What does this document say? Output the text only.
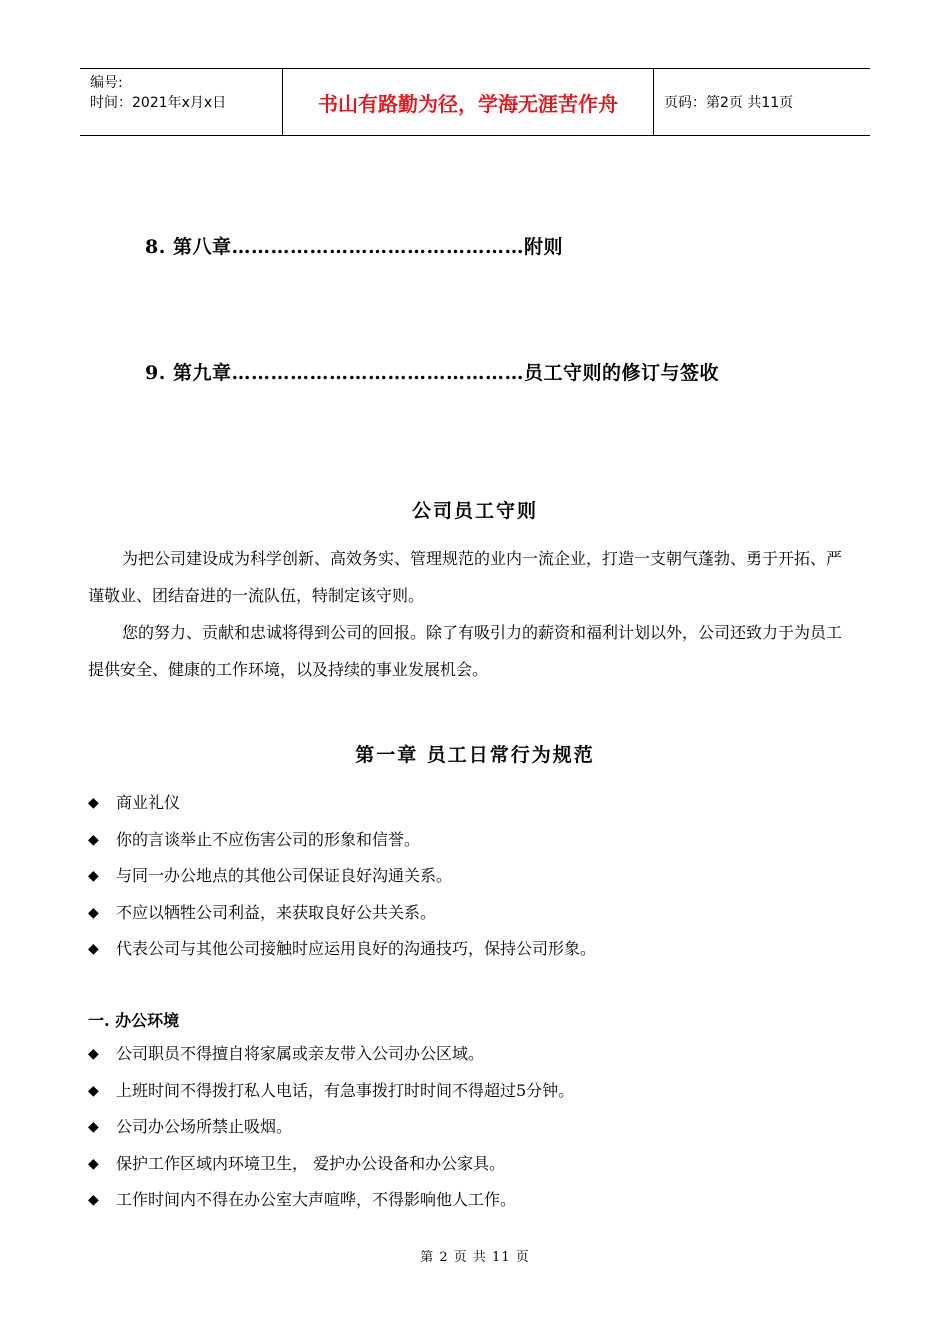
编号:
时间：2021年x月x日	书山有路勤为径，学海无涯苦作舟	页码：第2页 共11页
8. 第八章………………………………………附则
9. 第九章………………………………………员工守则的修订与签收
公司员工守则
为把公司建设成为科学创新、高效务实、管理规范的业内一流企业，打造一支朝气蓬勃、勇于开拓、严谨敬业、团结奋进的一流队伍，特制定该守则。
您的努力、贡献和忠诚将得到公司的回报。除了有吸引力的薪资和福利计划以外，公司还致力于为员工提供安全、健康的工作环境，以及持续的事业发展机会。
第一章 员工日常行为规范
◆	商业礼仪
◆	你的言谈举止不应伤害公司的形象和信誉。
◆	与同一办公地点的其他公司保证良好沟通关系。
◆	不应以牺牲公司利益，来获取良好公共关系。
◆	代表公司与其他公司接触时应运用良好的沟通技巧，保持公司形象。
一. 办公环境
◆	公司职员不得擅自将家属或亲友带入公司办公区域。
◆	上班时间不得拨打私人电话，有急事拨打时时间不得超过5分钟。
◆	公司办公场所禁止吸烟。
◆	保护工作区域内环境卫生， 爱护办公设备和办公家具。
◆	工作时间内不得在办公室大声喧哗，不得影响他人工作。
第 2 页 共 11 页
